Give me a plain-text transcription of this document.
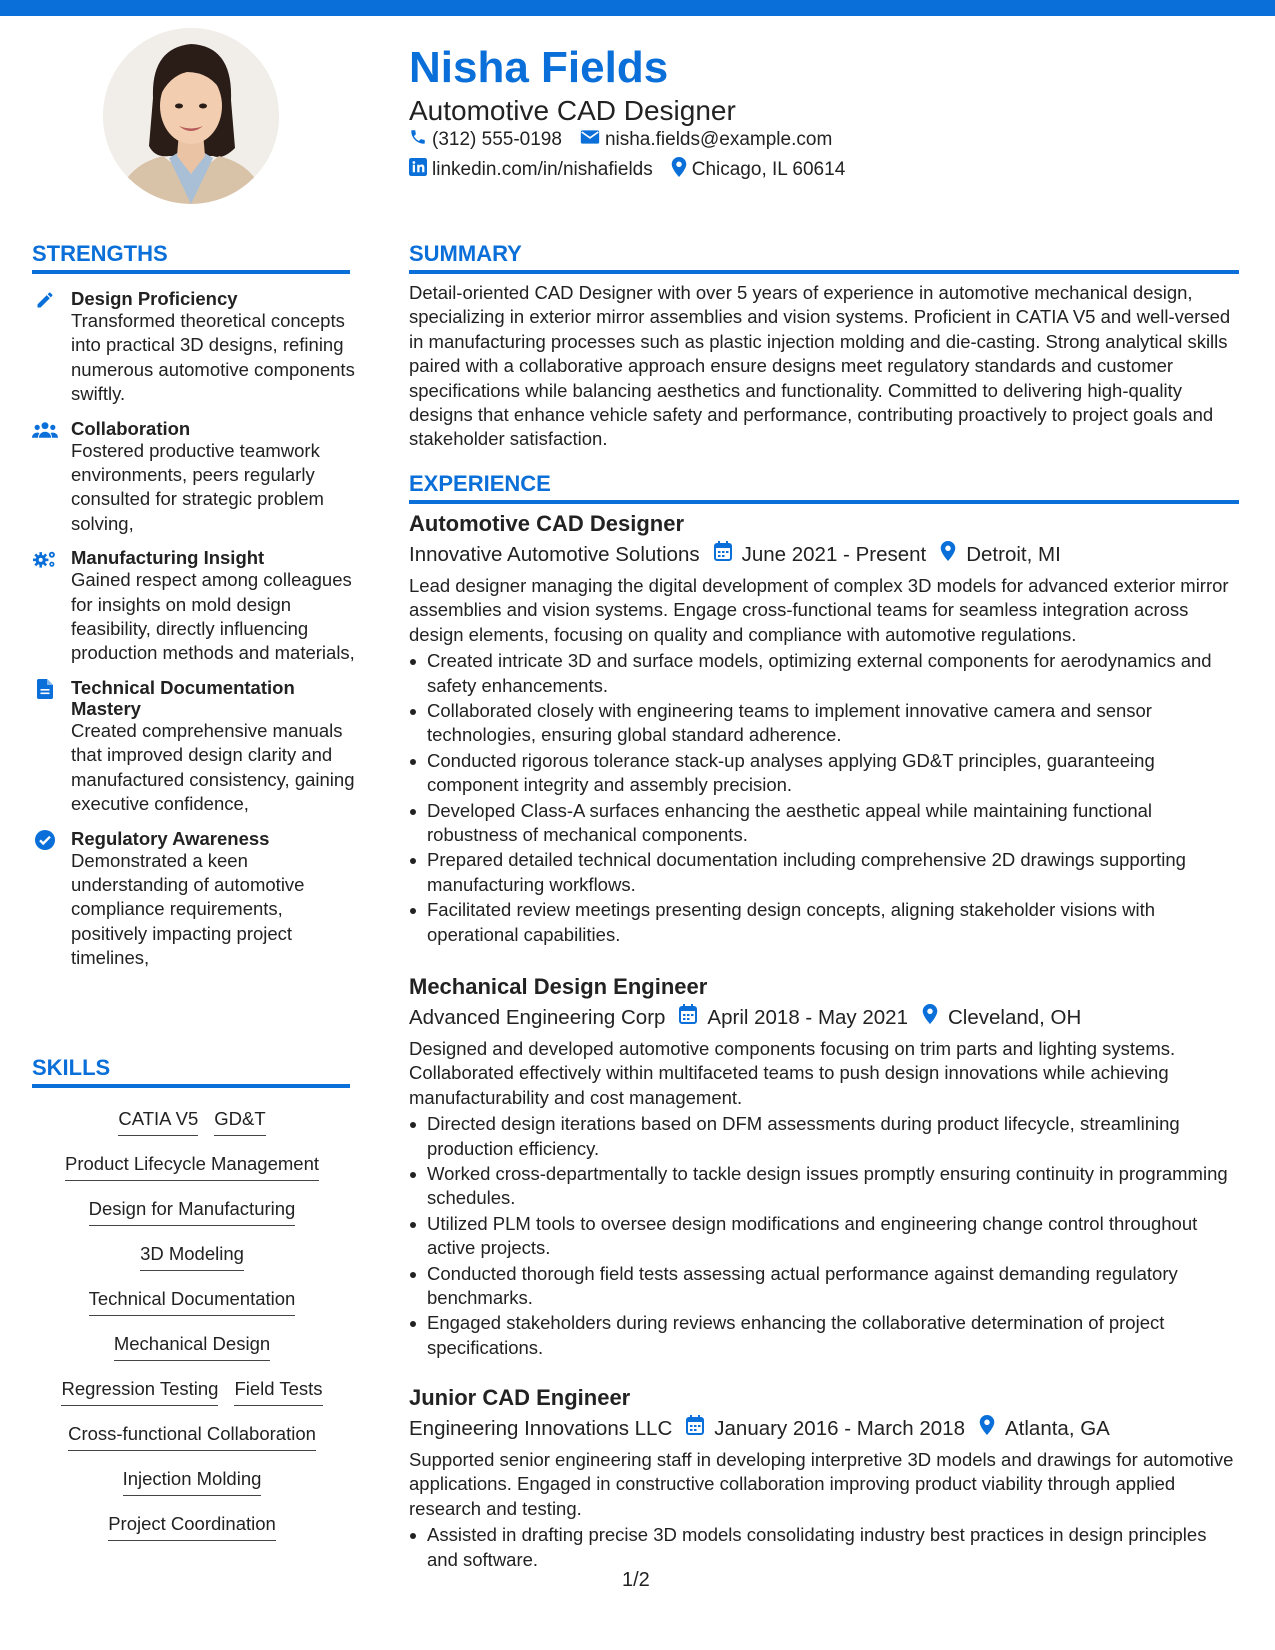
Nisha Fields
Automotive CAD Designer
(312) 555-0198 nisha.fields@example.com
linkedin.com/in/nishafields Chicago, IL 60614
STRENGTHS
Design Proficiency
Transformed theoretical concepts into practical 3D designs, refining numerous automotive components swiftly.
Collaboration
Fostered productive teamwork environments, peers regularly consulted for strategic problem solving,
Manufacturing Insight
Gained respect among colleagues for insights on mold design feasibility, directly influencing production methods and materials,
Technical Documentation Mastery
Created comprehensive manuals that improved design clarity and manufactured consistency, gaining executive confidence,
Regulatory Awareness
Demonstrated a keen understanding of automotive compliance requirements, positively impacting project timelines,
SKILLS
CATIA V5 GD&T
Product Lifecycle Management
Design for Manufacturing
3D Modeling
Technical Documentation
Mechanical Design
Regression Testing Field Tests
Cross-functional Collaboration
Injection Molding
Project Coordination
SUMMARY
Detail-oriented CAD Designer with over 5 years of experience in automotive mechanical design, specializing in exterior mirror assemblies and vision systems. Proficient in CATIA V5 and well-versed in manufacturing processes such as plastic injection molding and die-casting. Strong analytical skills paired with a collaborative approach ensure designs meet regulatory standards and customer specifications while balancing aesthetics and functionality. Committed to delivering high-quality designs that enhance vehicle safety and performance, contributing proactively to project goals and stakeholder satisfaction.
EXPERIENCE
Automotive CAD Designer
Innovative Automotive Solutions June 2021 - Present Detroit, MI
Lead designer managing the digital development of complex 3D models for advanced exterior mirror assemblies and vision systems. Engage cross-functional teams for seamless integration across design elements, focusing on quality and compliance with automotive regulations.
Created intricate 3D and surface models, optimizing external components for aerodynamics and safety enhancements.
Collaborated closely with engineering teams to implement innovative camera and sensor technologies, ensuring global standard adherence.
Conducted rigorous tolerance stack-up analyses applying GD&T principles, guaranteeing component integrity and assembly precision.
Developed Class-A surfaces enhancing the aesthetic appeal while maintaining functional robustness of mechanical components.
Prepared detailed technical documentation including comprehensive 2D drawings supporting manufacturing workflows.
Facilitated review meetings presenting design concepts, aligning stakeholder visions with operational capabilities.
Mechanical Design Engineer
Advanced Engineering Corp April 2018 - May 2021 Cleveland, OH
Designed and developed automotive components focusing on trim parts and lighting systems. Collaborated effectively within multifaceted teams to push design innovations while achieving manufacturability and cost management.
Directed design iterations based on DFM assessments during product lifecycle, streamlining production efficiency.
Worked cross-departmentally to tackle design issues promptly ensuring continuity in programming schedules.
Utilized PLM tools to oversee design modifications and engineering change control throughout active projects.
Conducted thorough field tests assessing actual performance against demanding regulatory benchmarks.
Engaged stakeholders during reviews enhancing the collaborative determination of project specifications.
Junior CAD Engineer
Engineering Innovations LLC January 2016 - March 2018 Atlanta, GA
Supported senior engineering staff in developing interpretive 3D models and drawings for automotive applications. Engaged in constructive collaboration improving product viability through applied research and testing.
Assisted in drafting precise 3D models consolidating industry best practices in design principles and software.
1/2
